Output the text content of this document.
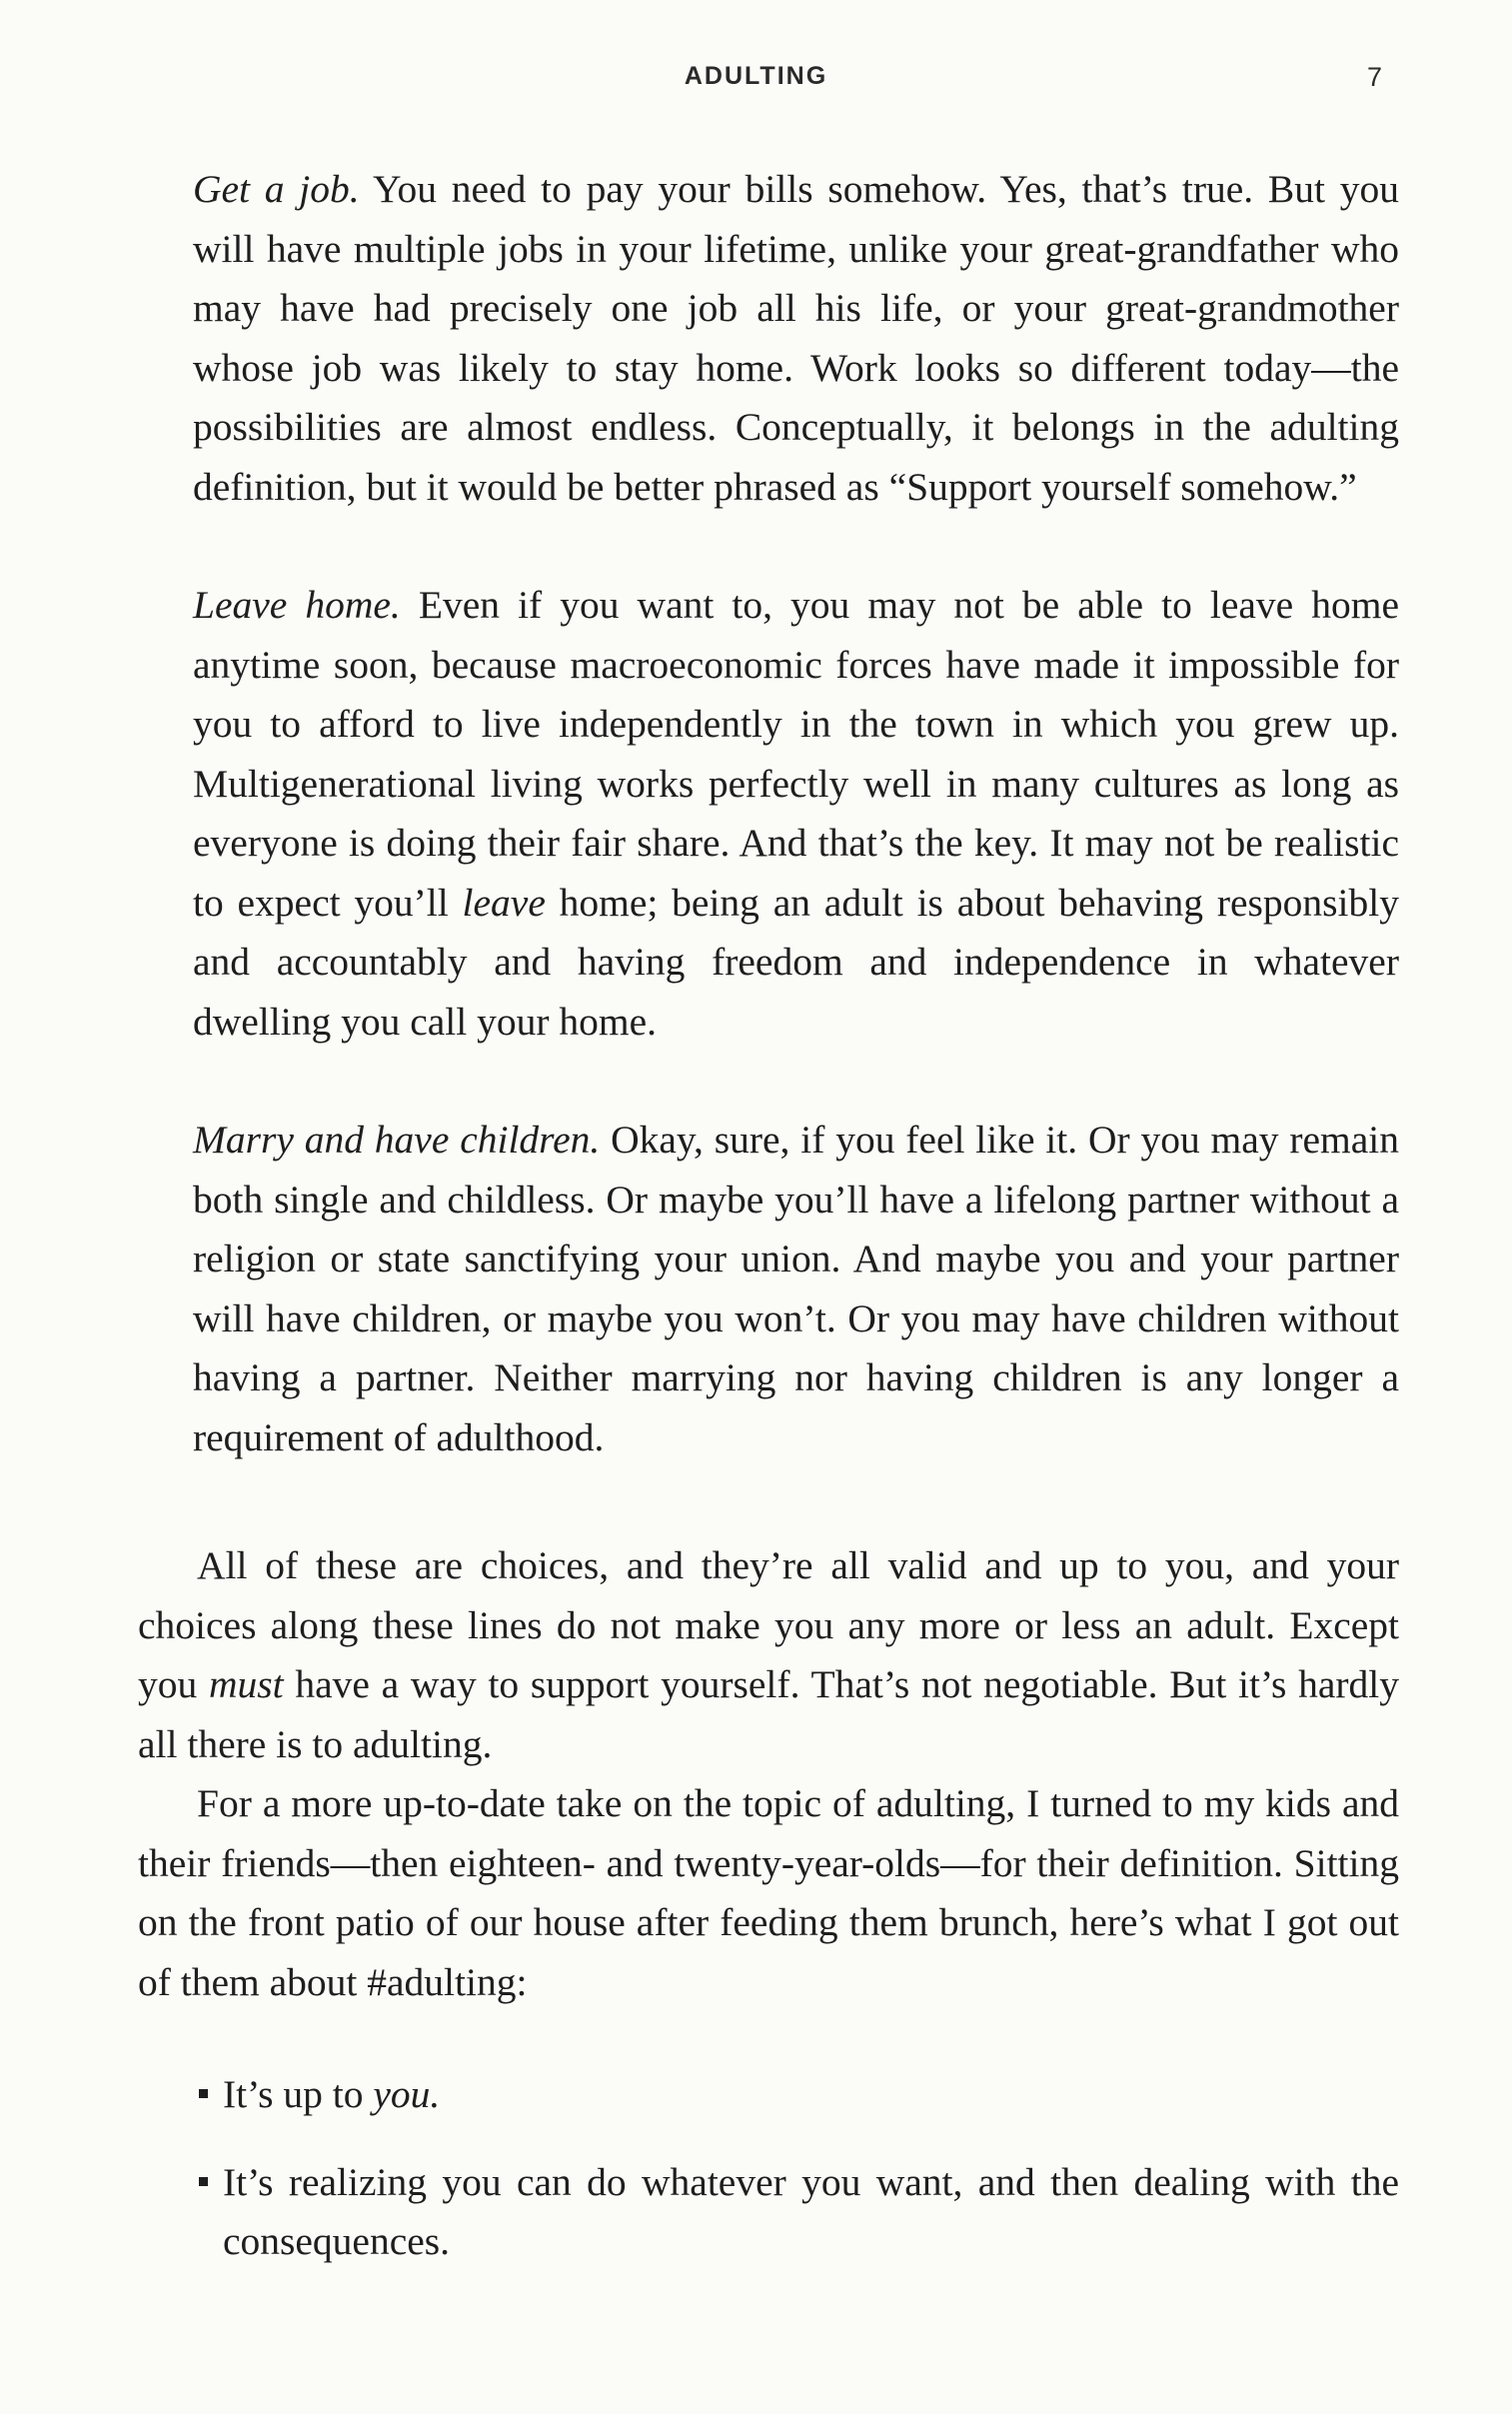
ADULTING	7

Get a job. You need to pay your bills somehow. Yes, that’s true. But you will have multiple jobs in your lifetime, unlike your great-grandfather who may have had precisely one job all his life, or your great-grandmother whose job was likely to stay home. Work looks so different today—the possibilities are almost endless. Conceptually, it belongs in the adulting definition, but it would be better phrased as “Support yourself somehow.”

Leave home. Even if you want to, you may not be able to leave home anytime soon, because macroeconomic forces have made it impossible for you to afford to live independently in the town in which you grew up. Multigenerational living works perfectly well in many cultures as long as everyone is doing their fair share. And that’s the key. It may not be realistic to expect you’ll leave home; being an adult is about behaving responsibly and accountably and having freedom and independence in whatever dwelling you call your home.

Marry and have children. Okay, sure, if you feel like it. Or you may remain both single and childless. Or maybe you’ll have a lifelong partner without a religion or state sanctifying your union. And maybe you and your partner will have children, or maybe you won’t. Or you may have children without having a partner. Neither marrying nor having children is any longer a requirement of adulthood.

All of these are choices, and they’re all valid and up to you, and your choices along these lines do not make you any more or less an adult. Except you must have a way to support yourself. That’s not negotiable. But it’s hardly all there is to adulting.

For a more up-to-date take on the topic of adulting, I turned to my kids and their friends—then eighteen- and twenty-year-olds—for their definition. Sitting on the front patio of our house after feeding them brunch, here’s what I got out of them about #adulting:

It’s up to you.
It’s realizing you can do whatever you want, and then dealing with the consequences.
